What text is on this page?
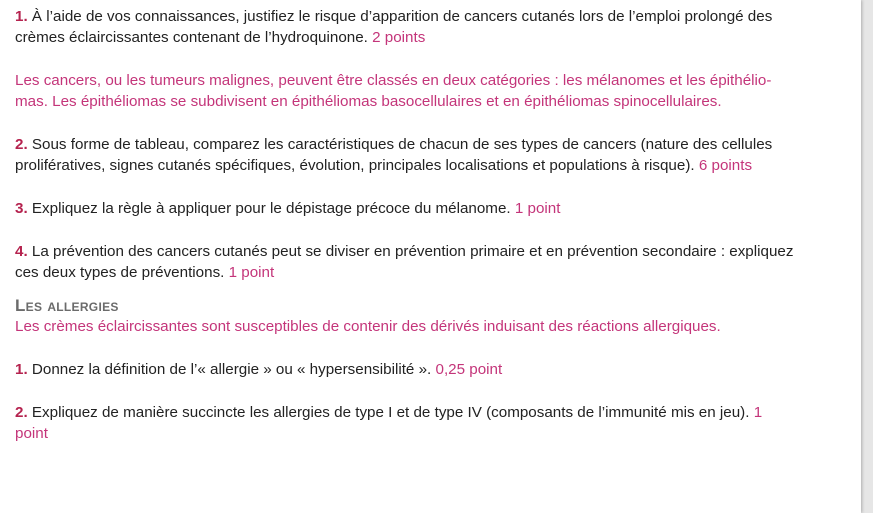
1. À l’aide de vos connaissances, justifiez le risque d’apparition de cancers cutanés lors de l’emploi prolongé des crèmes éclaircissantes contenant de l’hydroquinone. 2 points

Les cancers, ou les tumeurs malignes, peuvent être classés en deux catégories : les mélanomes et les épithéliomas. Les épithéliomas se subdivisent en épithéliomas basocellulaires et en épithéliomas spinocellulaires.

2. Sous forme de tableau, comparez les caractéristiques de chacun de ses types de cancers (nature des cellules prolifératives, signes cutanés spécifiques, évolution, principales localisations et populations à risque). 6 points

3. Expliquez la règle à appliquer pour le dépistage précoce du mélanome. 1 point

4. La prévention des cancers cutanés peut se diviser en prévention primaire et en prévention secondaire : expliquez ces deux types de préventions. 1 point

Les allergies

Les crèmes éclaircissantes sont susceptibles de contenir des dérivés induisant des réactions allergiques.

1. Donnez la définition de l’« allergie » ou « hypersensibilité ». 0,25 point

2. Expliquez de manière succincte les allergies de type I et de type IV (composants de l’immunité mis en jeu). 1 point
